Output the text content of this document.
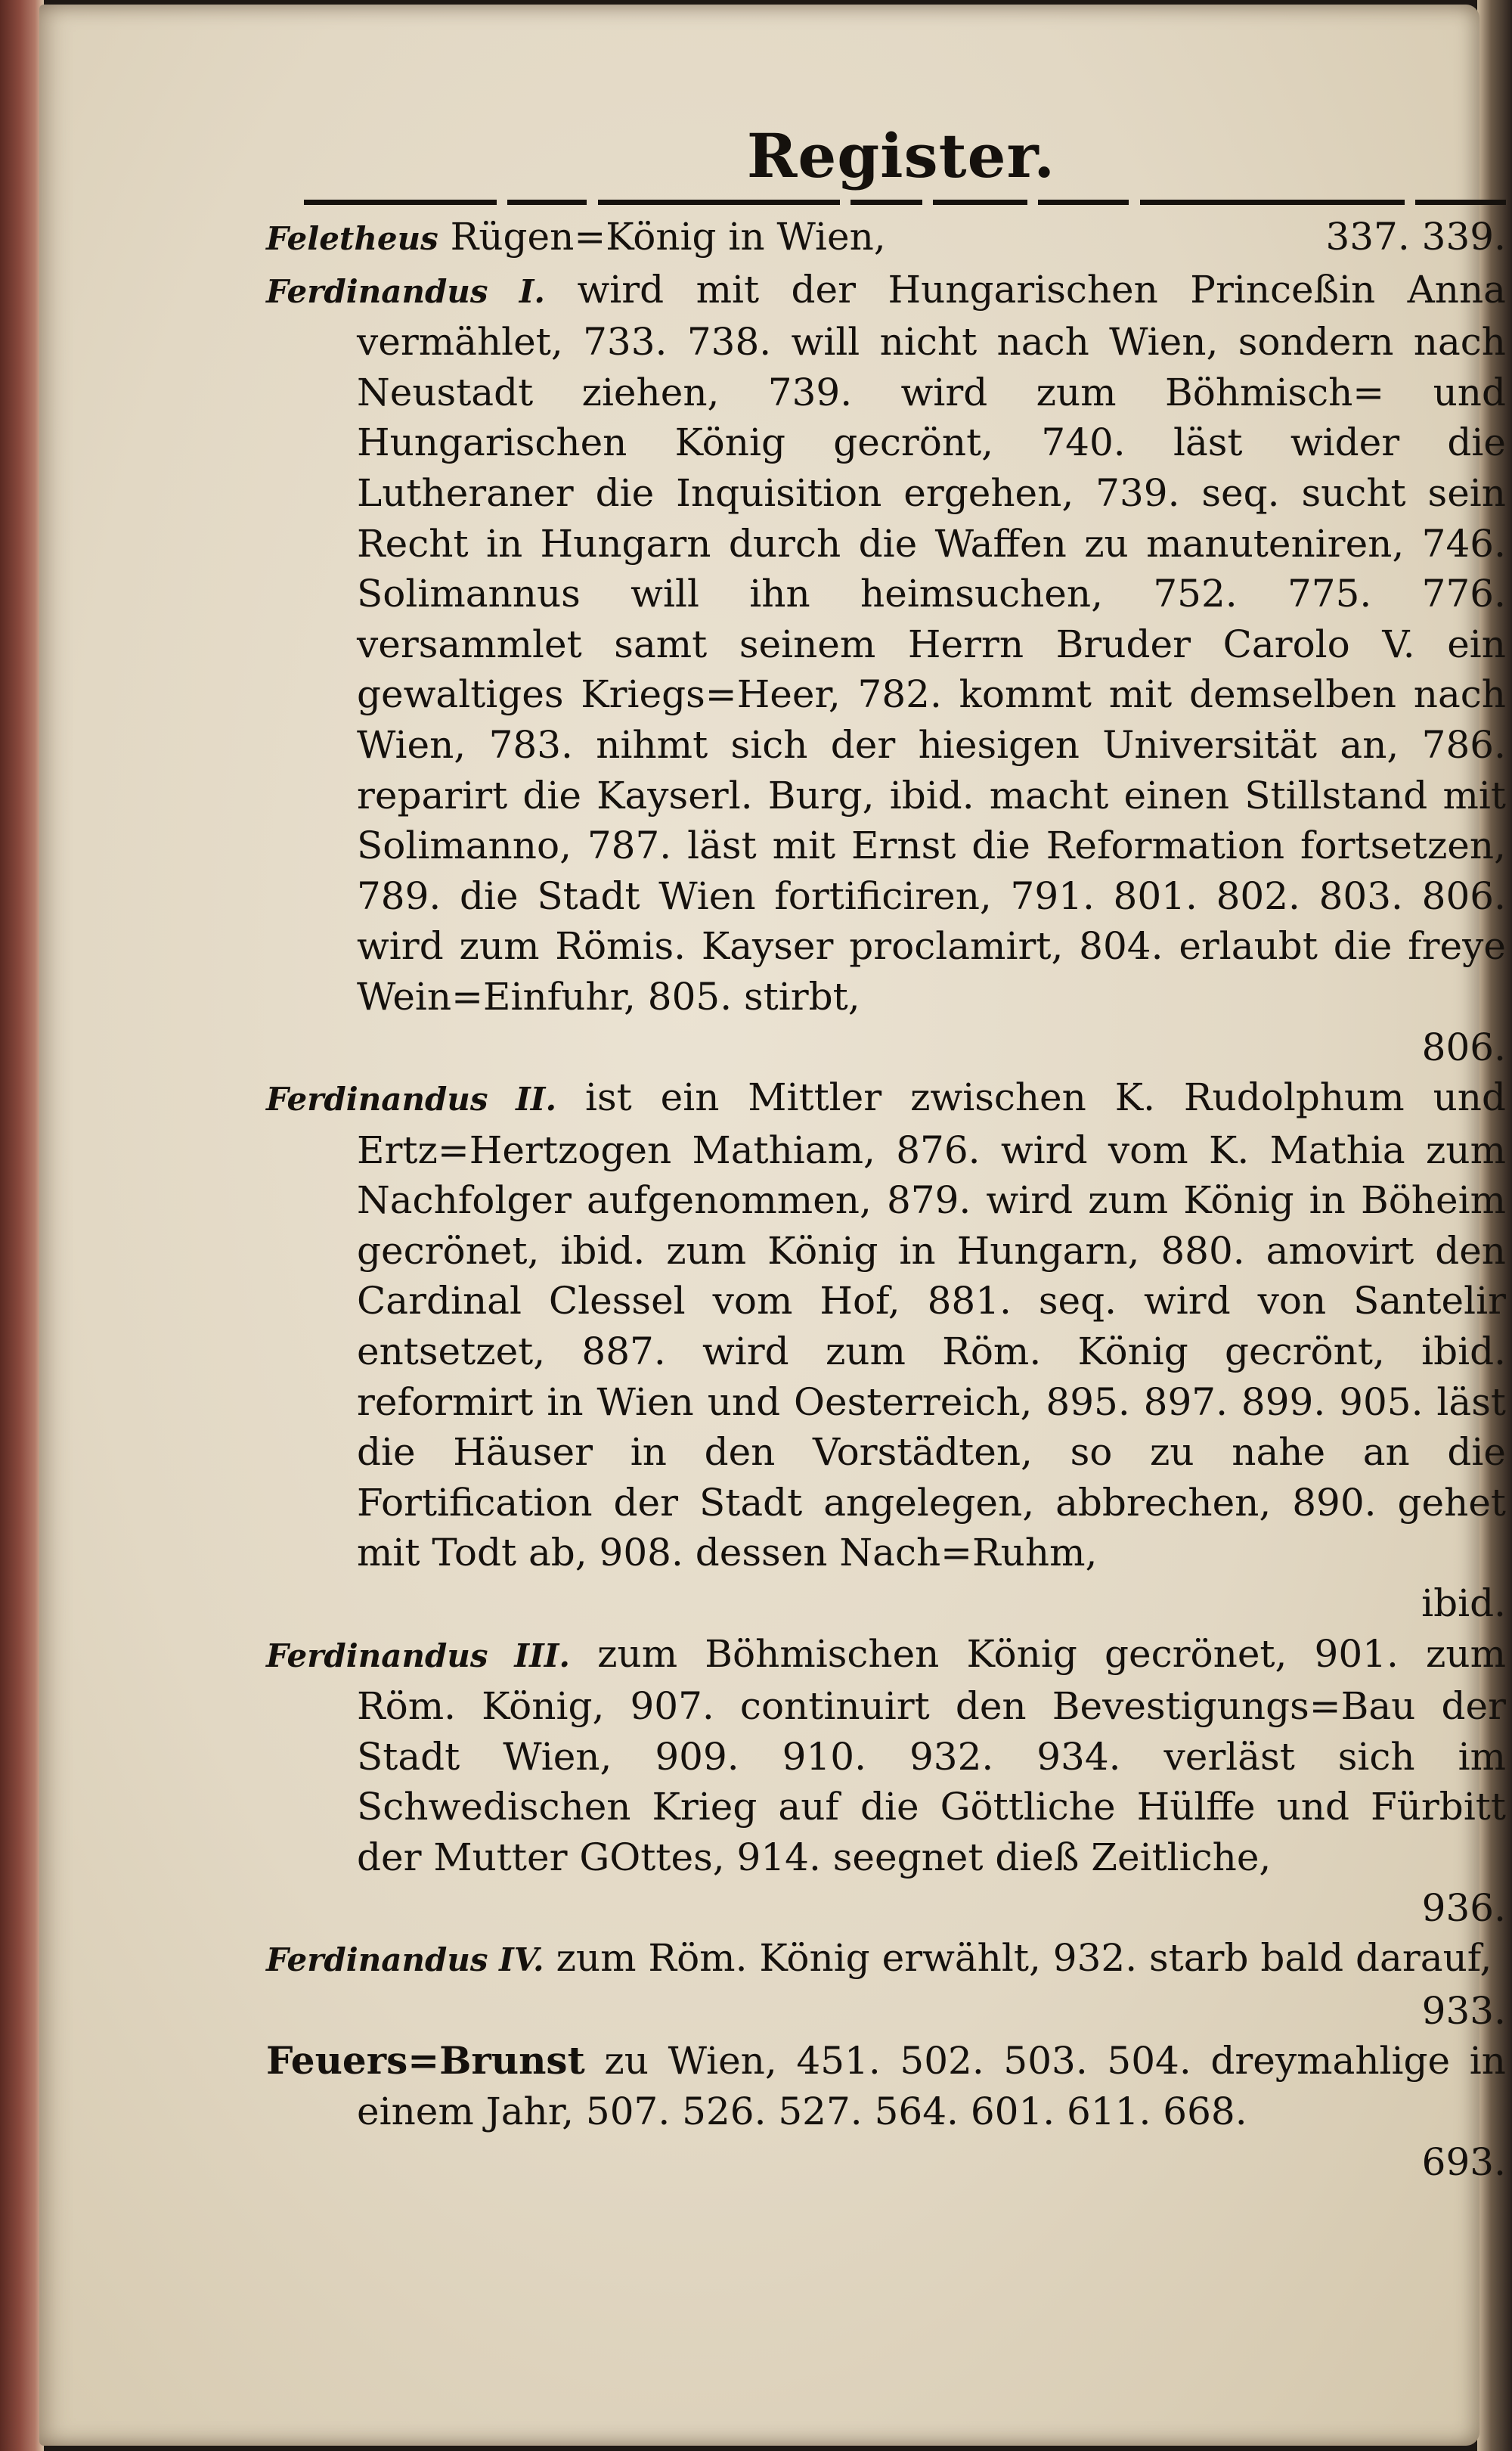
Register.

Feletheus Rügen=König in Wien,	337. 339.

Ferdinandus I. wird mit der Hungarischen Princeßin Anna vermählet, 733. 738. will nicht nach Wien, sondern nach Neustadt ziehen, 739. wird zum Böhmisch= und Hungarischen König gecrönt, 740. läst wider die Lutheraner die Inquisition ergehen, 739. seq. sucht sein Recht in Hungarn durch die Waffen zu manuteniren, 746. Solimannus will ihn heimsuchen, 752. 775. 776. versammlet samt seinem Herrn Bruder Carolo V. ein gewaltiges Kriegs=Heer, 782. kommt mit demselben nach Wien, 783. nihmt sich der hiesigen Universität an, 786. reparirt die Kayserl. Burg, ibid. macht einen Stillstand mit Solimanno, 787. läst mit Ernst die Reformation fortsetzen, 789. die Stadt Wien fortificiren, 791. 801. 802. 803. 806. wird zum Römis. Kayser proclamirt, 804. erlaubt die freye Wein=Einfuhr, 805. stirbt,
806.

Ferdinandus II. ist ein Mittler zwischen K. Rudolphum und Ertz=Hertzogen Mathiam, 876. wird vom K. Mathia zum Nachfolger aufgenommen, 879. wird zum König in Böheim gecrönet, ibid. zum König in Hungarn, 880. amovirt den Cardinal Clessel vom Hof, 881. seq. wird von Santelir entsetzet, 887. wird zum Röm. König gecrönt, ibid. reformirt in Wien und Oesterreich, 895. 897. 899. 905. läst die Häuser in den Vorstädten, so zu nahe an die Fortification der Stadt angelegen, abbrechen, 890. gehet mit Todt ab, 908. dessen Nach=Ruhm,
ibid.

Ferdinandus III. zum Böhmischen König gecrönet, 901. zum Röm. König, 907. continuirt den Bevestigungs=Bau der Stadt Wien, 909. 910. 932. 934. verläst sich im Schwedischen Krieg auf die Göttliche Hülffe und Fürbitt der Mutter GOttes, 914. seegnet dieß Zeitliche,
936.

Ferdinandus IV. zum Röm. König erwählt, 932. starb bald darauf,
933.

Feuers=Brunst zu Wien, 451. 502. 503. 504. dreymahlige in einem Jahr, 507. 526. 527. 564. 601. 611. 668.
693.
